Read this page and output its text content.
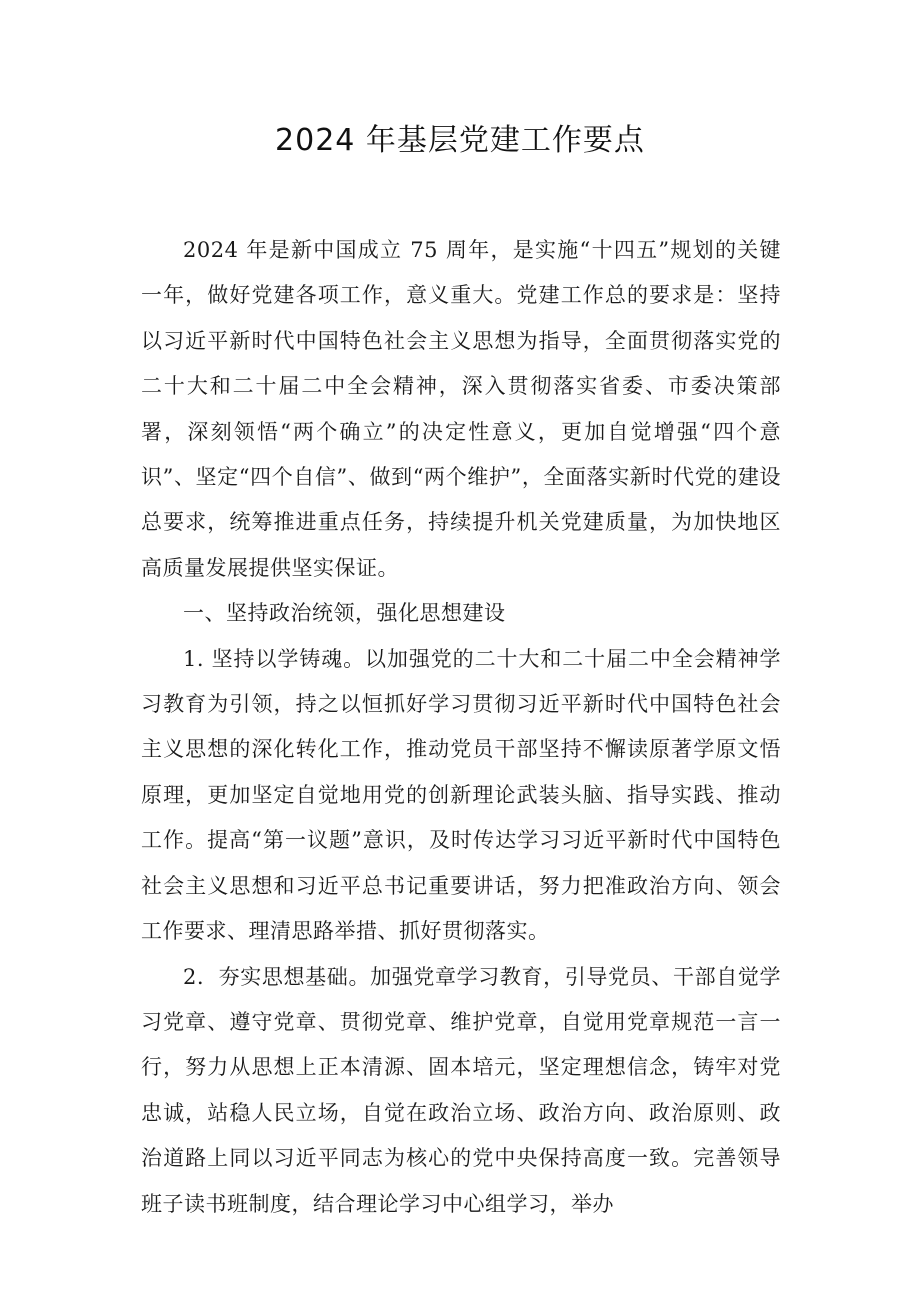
2024 年基层党建工作要点

2024 年是新中国成立 75 周年，是实施“十四五”规划的关键一年，做好党建各项工作，意义重大。党建工作总的要求是：坚持以习近平新时代中国特色社会主义思想为指导，全面贯彻落实党的二十大和二十届二中全会精神，深入贯彻落实省委、市委决策部署，深刻领悟“两个确立”的决定性意义，更加自觉增强“四个意识”、坚定“四个自信”、做到“两个维护”，全面落实新时代党的建设总要求，统筹推进重点任务，持续提升机关党建质量，为加快地区高质量发展提供坚实保证。

一、坚持政治统领，强化思想建设

1. 坚持以学铸魂。以加强党的二十大和二十届二中全会精神学习教育为引领，持之以恒抓好学习贯彻习近平新时代中国特色社会主义思想的深化转化工作，推动党员干部坚持不懈读原著学原文悟原理，更加坚定自觉地用党的创新理论武装头脑、指导实践、推动工作。提高“第一议题”意识，及时传达学习习近平新时代中国特色社会主义思想和习近平总书记重要讲话，努力把准政治方向、领会工作要求、理清思路举措、抓好贯彻落实。

2．夯实思想基础。加强党章学习教育，引导党员、干部自觉学习党章、遵守党章、贯彻党章、维护党章，自觉用党章规范一言一行，努力从思想上正本清源、固本培元，坚定理想信念，铸牢对党忠诚，站稳人民立场，自觉在政治立场、政治方向、政治原则、政治道路上同以习近平同志为核心的党中央保持高度一致。完善领导班子读书班制度，结合理论学习中心组学习，举办
